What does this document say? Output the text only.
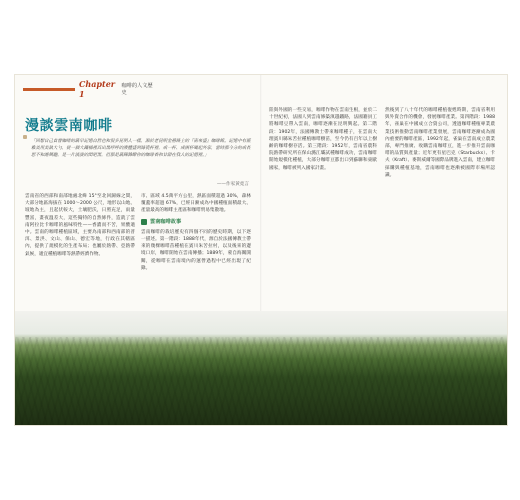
Chapter 1
咖啡的人文歷史
漫談雲南咖啡
「回想自己首嘗咖啡的最早記憶自然也和很多昆明人一樣，源於老昆明金碧路上的『南來盛』咖啡館。記憶中有瓶雅美用美執大勺，從一個大鐵桶裡舀出黑呼呼的液體盛到綠瓷杯裡，成一杯、成兩杯喝起外家，當時那今分的成長思不和諧興趣，是一片淡淡的悶吧黑，但那是最陳雜瞭你的咖啡香和甘甜在我人的記憶裡。」
——作家黃堯言

雲南省的西部和南部地處北緯 15°至北回歸線之間，大部分地區海拔在 1000～2000 公尺，地形以山地、坡地為主，且起伏較大，土壤肥沃，日照充足，雨量豐富，畫夜溫差大，這些獨特的自然條件，造就了雲南阿拉比卡咖啡的風味特性——香濃而不苦，果酸適中。雲南的咖啡種植區域，主要為南部和西南部的普洱、景洪、文山、保山、德宏等地，行政在其轄區內，提供了規模化的生產布局；也屬於熱帶、亞熱帶氣候，適宜種植咖啡等熱帶經濟作物。

市、區域 4.5萬平方公里，熱區面積超過 30%，森林覆蓋率超過 67%，已經日漸成為中國種植面積最大、產量最高的咖啡主產區和咖啡貿易集散地。

雲南咖啡故事

雲南咖啡的栽培歷史有四個不同的歷史時期，以下逐一描述。第一階段：1888年代，源自於法國傳教士帶來的幾棵咖啡苗種植在賓川朱苦拉村，以及後來的邊境口岸，咖啡開始在雲南傳播；1889年，蒙自海關開關，從咖啡在雲南境內的運營過程中已經出現了紀錄。

陸與外國的一些交易，咖啡作物在雲南生根，並於二十世紀初，法國人到雲南修築滇越鐵路，法國籍員工將咖啡豆帶入雲南，咖啡逐漸在昆明興起。第二階段：1902年，法國傳教士帶來咖啡種子，在雲南大理賓川縣朱苦拉種植咖啡樹苗，至今仍有百年以上樹齡的咖啡樹存活。第三階段：1952年，雲南省農科院熱帶研究所在保山潞江壩試種咖啡成功，雲南咖啡開始規模化種植，大部分咖啡豆都出口到蘇聯和東歐國家，咖啡被列入國家計畫。

然後到了八十年代的咖啡種植復甦時期，雲南省利用與外資合作的機會，發展咖啡產業。第四階段：1988年，雀巢在中國成立合資公司，透過咖啡種植專業農業技術推動雲南咖啡產業發展，雲南咖啡逐漸成為國內重要的咖啡產區，1992年起，雀巢在雲南成立農業部，專門推廣、收購雲南咖啡豆，進一步推升雲南咖啡的品質與產量；近年更有星巴克（Starbucks）、卡夫（Kraft）、麥斯威爾等國際品牌進入雲南，建立咖啡採購與種植基地，雲南咖啡也逐漸被國際市場所認識。
